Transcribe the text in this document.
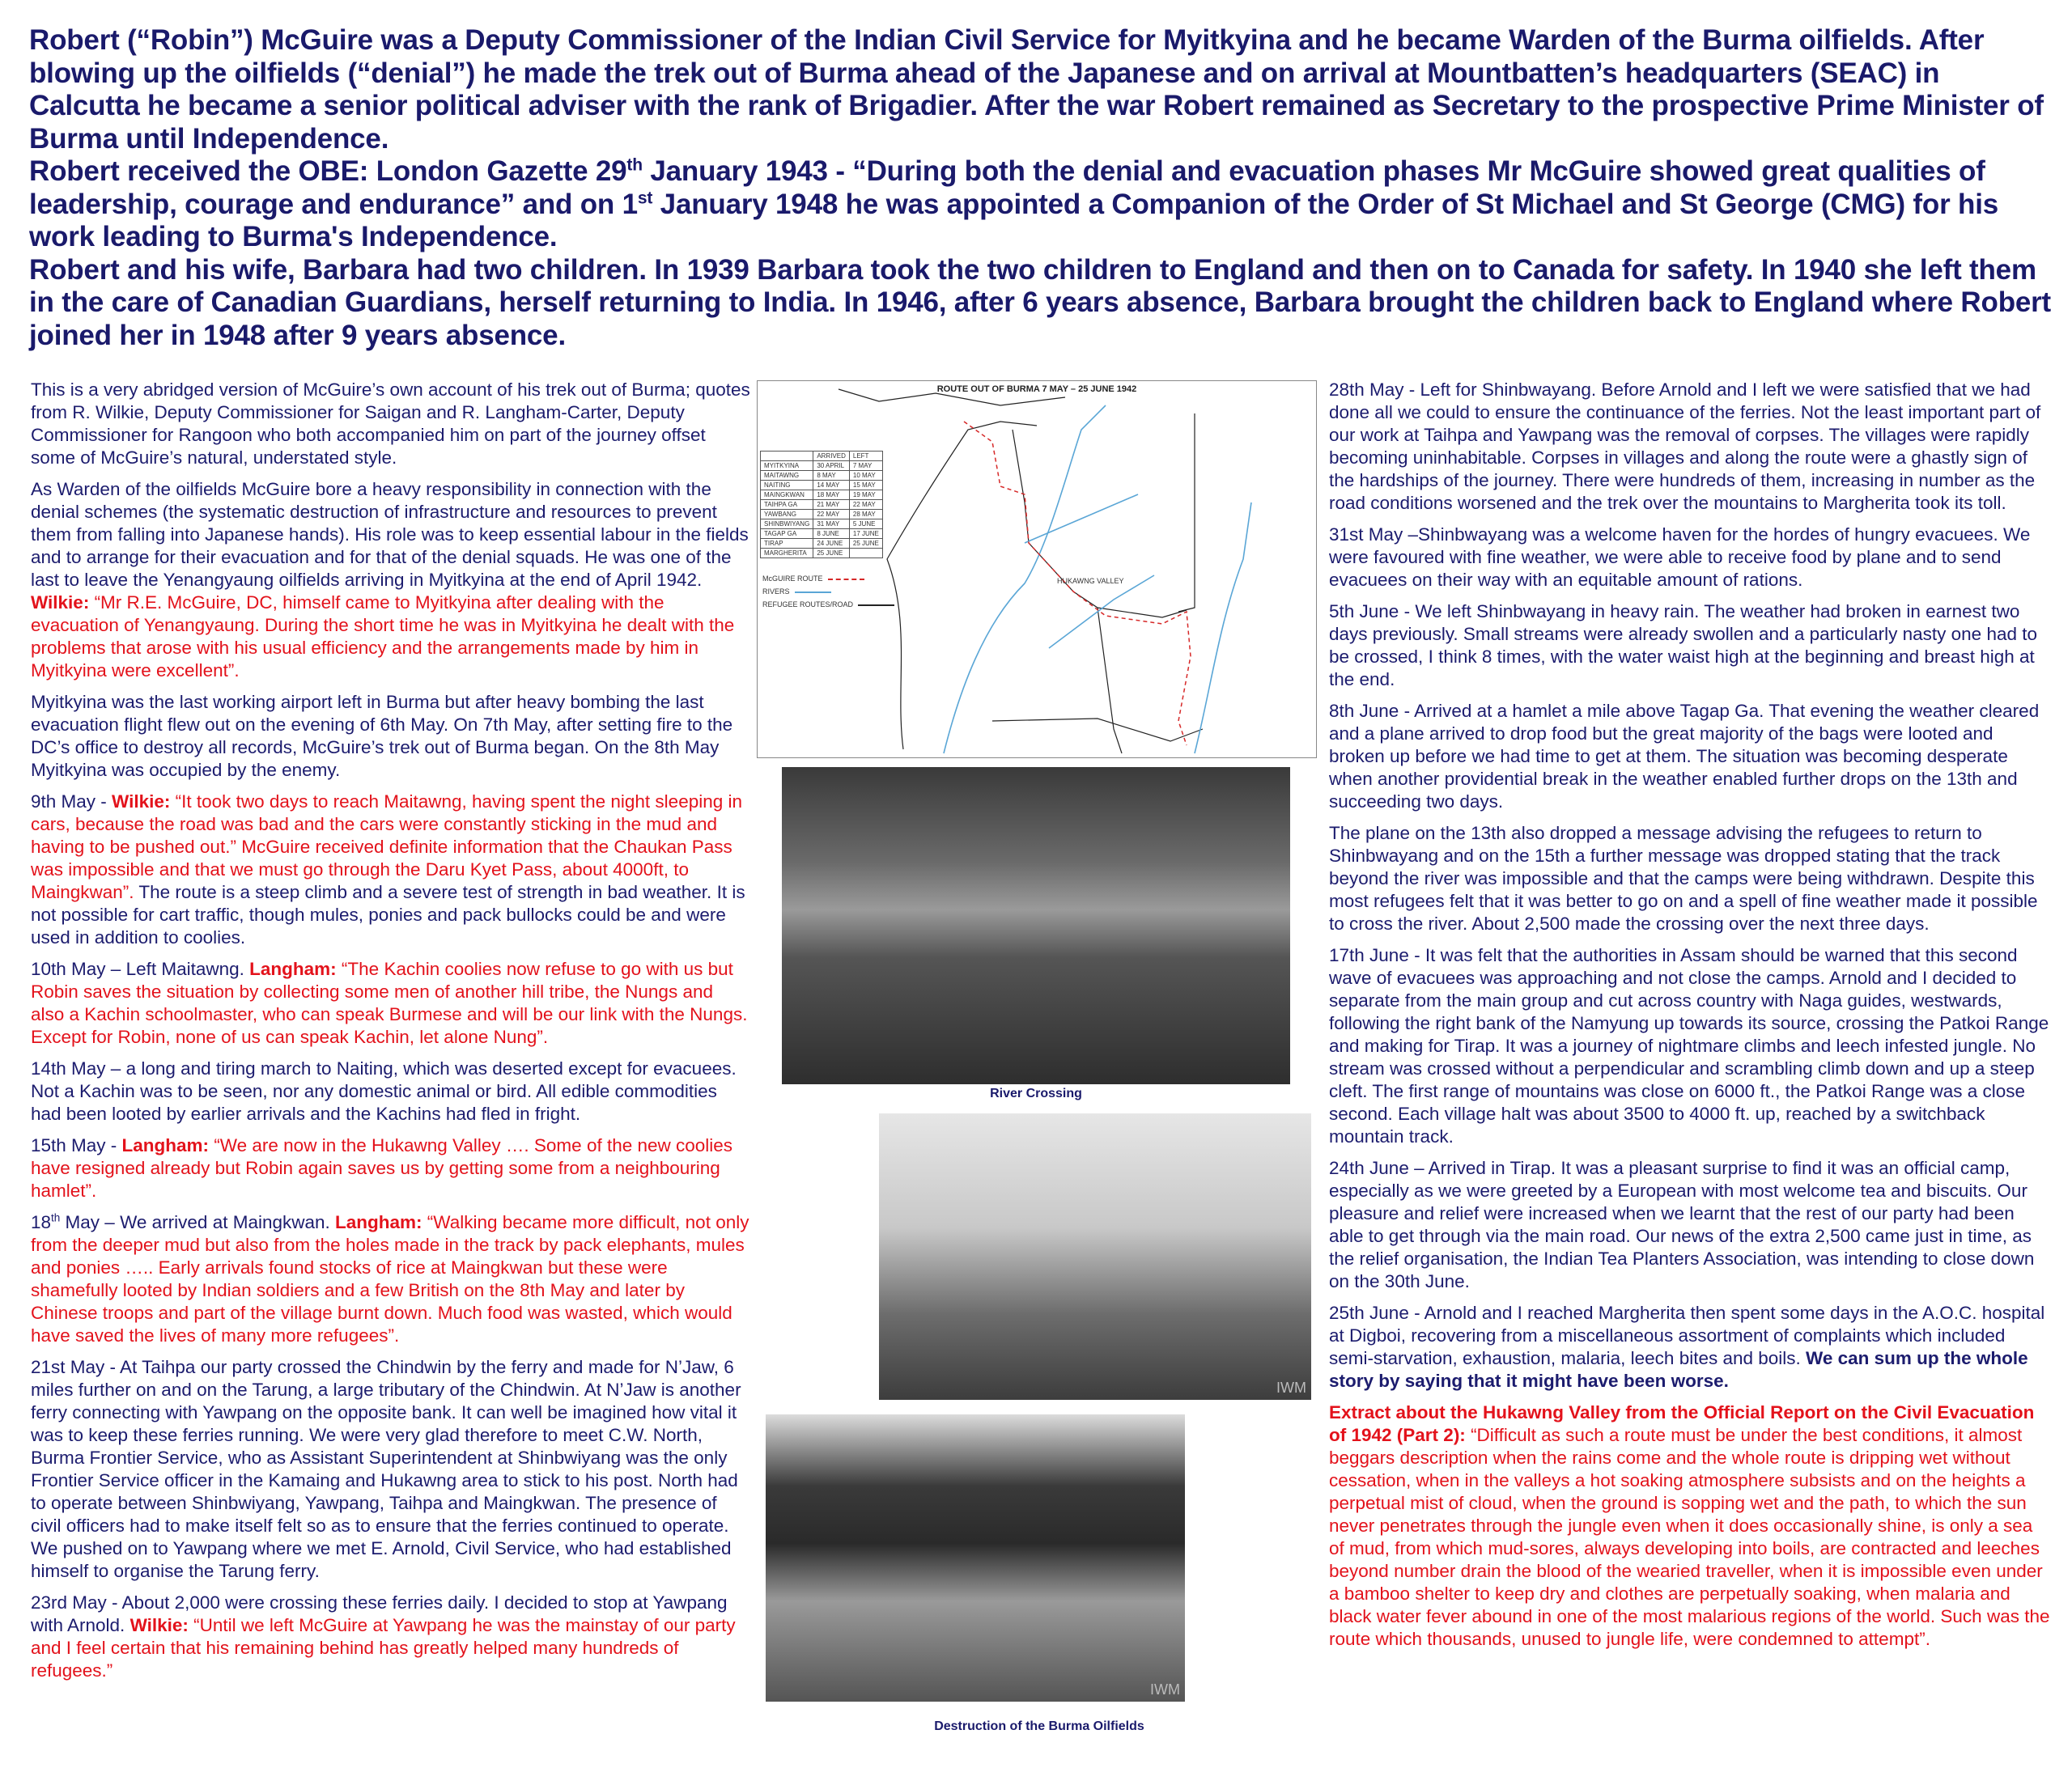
Robert (“Robin”) McGuire was a Deputy Commissioner of the Indian Civil Service for Myitkyina and he became Warden of the Burma oilfields. After blowing up the oilfields (“denial”) he made the trek out of Burma ahead of the Japanese and on arrival at Mountbatten’s headquarters (SEAC) in Calcutta he became a senior political adviser with the rank of Brigadier. After the war Robert remained as Secretary to the prospective Prime Minister of Burma until Independence.

Robert received the OBE: London Gazette 29th January 1943 - “During both the denial and evacuation phases Mr McGuire showed great qualities of leadership, courage and endurance” and on 1st January 1948 he was appointed a Companion of the Order of St Michael and St George (CMG) for his work leading to Burma's Independence.

Robert and his wife, Barbara had two children. In 1939 Barbara took the two children to England and then on to Canada for safety. In 1940 she left them in the care of Canadian Guardians, herself returning to India. In 1946, after 6 years absence, Barbara brought the children back to England where Robert joined her in 1948 after 9 years absence.

This is a very abridged version of McGuire’s own account of his trek out of Burma; quotes from R. Wilkie, Deputy Commissioner for Saigan and R. Langham-Carter, Deputy Commissioner for Rangoon who both accompanied him on part of the journey offset some of McGuire’s natural, understated style.

As Warden of the oilfields McGuire bore a heavy responsibility in connection with the denial schemes (the systematic destruction of infrastructure and resources to prevent them from falling into Japanese hands). His role was to keep essential labour in the fields and to arrange for their evacuation and for that of the denial squads. He was one of the last to leave the Yenangyaung oilfields arriving in Myitkyina at the end of April 1942. Wilkie: “Mr R.E. McGuire, DC, himself came to Myitkyina after dealing with the evacuation of Yenangyaung. During the short time he was in Myitkyina he dealt with the problems that arose with his usual efficiency and the arrangements made by him in Myitkyina were excellent”.

Myitkyina was the last working airport left in Burma but after heavy bombing the last evacuation flight flew out on the evening of 6th May. On 7th May, after setting fire to the DC’s office to destroy all records, McGuire’s trek out of Burma began. On the 8th May Myitkyina was occupied by the enemy.

9th May - Wilkie: “It took two days to reach Maitawng, having spent the night sleeping in cars, because the road was bad and the cars were constantly sticking in the mud and having to be pushed out.” McGuire received definite information that the Chaukan Pass was impossible and that we must go through the Daru Kyet Pass, about 4000ft, to Maingkwan”. The route is a steep climb and a severe test of strength in bad weather. It is not possible for cart traffic, though mules, ponies and pack bullocks could be and were used in addition to coolies.

10th May – Left Maitawng. Langham: “The Kachin coolies now refuse to go with us but Robin saves the situation by collecting some men of another hill tribe, the Nungs and also a Kachin schoolmaster, who can speak Burmese and will be our link with the Nungs. Except for Robin, none of us can speak Kachin, let alone Nung”.

14th May – a long and tiring march to Naiting, which was deserted except for evacuees. Not a Kachin was to be seen, nor any domestic animal or bird. All edible commodities had been looted by earlier arrivals and the Kachins had fled in fright.

15th May - Langham: “We are now in the Hukawng Valley …. Some of the new coolies have resigned already but Robin again saves us by getting some from a neighbouring hamlet”.

18th May – We arrived at Maingkwan. Langham: “Walking became more difficult, not only from the deeper mud but also from the holes made in the track by pack elephants, mules and ponies ….. Early arrivals found stocks of rice at Maingkwan but these were shamefully looted by Indian soldiers and a few British on the 8th May and later by Chinese troops and part of the village burnt down. Much food was wasted, which would have saved the lives of many more refugees”.

21st May - At Taihpa our party crossed the Chindwin by the ferry and made for N’Jaw, 6 miles further on and on the Tarung, a large tributary of the Chindwin. At N’Jaw is another ferry connecting with Yawpang on the opposite bank. It can well be imagined how vital it was to keep these ferries running. We were very glad therefore to meet C.W. North, Burma Frontier Service, who as Assistant Superintendent at Shinbwiyang was the only Frontier Service officer in the Kamaing and Hukawng area to stick to his post. North had to operate between Shinbwiyang, Yawpang, Taihpa and Maingkwan. The presence of civil officers had to make itself felt so as to ensure that the ferries continued to operate. We pushed on to Yawpang where we met E. Arnold, Civil Service, who had established himself to organise the Tarung ferry.

23rd May - About 2,000 were crossing these ferries daily. I decided to stop at Yawpang with Arnold. Wilkie: “Until we left McGuire at Yawpang he was the mainstay of our party and I feel certain that his remaining behind has greatly helped many hundreds of refugees.”

28th May - Left for Shinbwayang. Before Arnold and I left we were satisfied that we had done all we could to ensure the continuance of the ferries. Not the least important part of our work at Taihpa and Yawpang was the removal of corpses. The villages were rapidly becoming uninhabitable. Corpses in villages and along the route were a ghastly sign of the hardships of the journey. There were hundreds of them, increasing in number as the road conditions worsened and the trek over the mountains to Margherita took its toll.

31st May –Shinbwayang was a welcome haven for the hordes of hungry evacuees. We were favoured with fine weather, we were able to receive food by plane and to send evacuees on their way with an equitable amount of rations.

5th June - We left Shinbwayang in heavy rain. The weather had broken in earnest two days previously. Small streams were already swollen and a particularly nasty one had to be crossed, I think 8 times, with the water waist high at the beginning and breast high at the end.

8th June - Arrived at a hamlet a mile above Tagap Ga. That evening the weather cleared and a plane arrived to drop food but the great majority of the bags were looted and broken up before we had time to get at them. The situation was becoming desperate when another providential break in the weather enabled further drops on the 13th and succeeding two days.

The plane on the 13th also dropped a message advising the refugees to return to Shinbwayang and on the 15th a further message was dropped stating that the track beyond the river was impossible and that the camps were being withdrawn. Despite this most refugees felt that it was better to go on and a spell of fine weather made it possible to cross the river. About 2,500 made the crossing over the next three days.

17th June - It was felt that the authorities in Assam should be warned that this second wave of evacuees was approaching and not close the camps. Arnold and I decided to separate from the main group and cut across country with Naga guides, westwards, following the right bank of the Namyung up towards its source, crossing the Patkoi Range and making for Tirap. It was a journey of nightmare climbs and leech infested jungle. No stream was crossed without a perpendicular and scrambling climb down and up a steep cleft. The first range of mountains was close on 6000 ft., the Patkoi Range was a close second. Each village halt was about 3500 to 4000 ft. up, reached by a switchback mountain track.

24th June – Arrived in Tirap. It was a pleasant surprise to find it was an official camp, especially as we were greeted by a European with most welcome tea and biscuits. Our pleasure and relief were increased when we learnt that the rest of our party had been able to get through via the main road. Our news of the extra 2,500 came just in time, as the relief organisation, the Indian Tea Planters Association, was intending to close down on the 30th June.

25th June - Arnold and I reached Margherita then spent some days in the A.O.C. hospital at Digboi, recovering from a miscellaneous assortment of complaints which included semi-starvation, exhaustion, malaria, leech bites and boils. We can sum up the whole story by saying that it might have been worse.

Extract about the Hukawng Valley from the Official Report on the Civil Evacuation of 1942 (Part 2): “Difficult as such a route must be under the best conditions, it almost beggars description when the rains come and the whole route is dripping wet without cessation, when in the valleys a hot soaking atmosphere subsists and on the heights a perpetual mist of cloud, when the ground is sopping wet and the path, to which the sun never penetrates through the jungle even when it does occasionally shine, is only a sea of mud, from which mud-sores, always developing into boils, are contracted and leeches beyond number drain the blood of the wearied traveller, when it is impossible even under a bamboo shelter to keep dry and clothes are perpetually soaking, when malaria and black water fever abound in one of the most malarious regions of the world. Such was the route which thousands, unused to jungle life, were condemned to attempt”.

ROUTE OUT OF BURMA 7 MAY – 25 JUNE 1942
HUKAWNG VALLEY
	ARRIVED	LEFT
MYITKYINA	30 APRIL	7 MAY
MAITAWNG	8 MAY	10 MAY
NAITING	14 MAY	15 MAY
MAINGKWAN	18 MAY	19 MAY
TAIHPA GA	21 MAY	22 MAY
YAWBANG	22 MAY	28 MAY
SHINBWIYANG	31 MAY	5 JUNE
TAGAP GA	8 JUNE	17 JUNE
TIRAP	24 JUNE	25 JUNE
MARGHERITA	25 JUNE	
McGUIRE ROUTE
RIVERS
REFUGEE ROUTES/ROAD
River Crossing
IWM
IWM
Destruction of the Burma Oilfields
